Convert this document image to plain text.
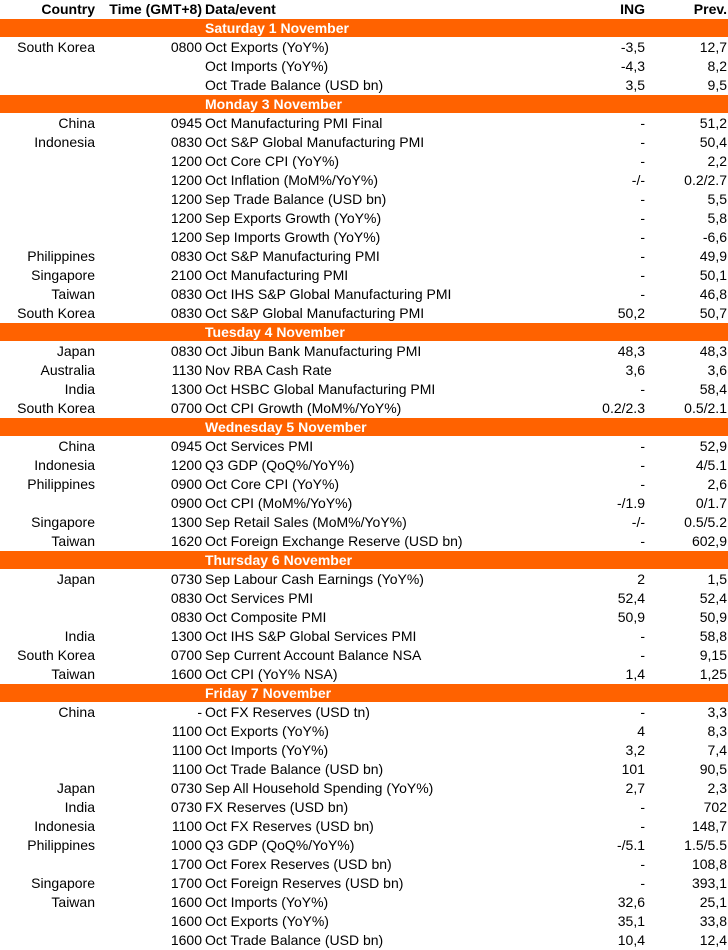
Country Time (GMT+8) Data/event	ING	Prev.
Saturday 1 November
South Korea	0800 Oct Exports (YoY%)	-3,5	12,7
Oct Imports (YoY%)	-4,3	8,2
Oct Trade Balance (USD bn)	3,5	9,5
Monday 3 November
China	0945 Oct Manufacturing PMI Final	-	51,2
Indonesia	0830 Oct S&P Global Manufacturing PMI	-	50,4
1200 Oct Core CPI (YoY%)	-	2,2
1200 Oct Inflation (MoM%/YoY%)	-/-	0.2/2.7
1200 Sep Trade Balance (USD bn)	-	5,5
1200 Sep Exports Growth (YoY%)	-	5,8
1200 Sep Imports Growth (YoY%)	-	-6,6
Philippines	0830 Oct S&P Manufacturing PMI	-	49,9
Singapore	2100 Oct Manufacturing PMI	-	50,1
Taiwan	0830 Oct IHS S&P Global Manufacturing PMI	-	46,8
South Korea	0830 Oct S&P Global Manufacturing PMI	50,2	50,7
Tuesday 4 November
Japan	0830 Oct Jibun Bank Manufacturing PMI	48,3	48,3
Australia	1130 Nov RBA Cash Rate	3,6	3,6
India	1300 Oct HSBC Global Manufacturing PMI	-	58,4
South Korea	0700 Oct CPI Growth (MoM%/YoY%)	0.2/2.3	0.5/2.1
Wednesday 5 November
China	0945 Oct Services PMI	-	52,9
Indonesia	1200 Q3 GDP (QoQ%/YoY%)	-	4/5.1
Philippines	0900 Oct Core CPI (YoY%)	-	2,6
0900 Oct CPI (MoM%/YoY%)	-/1.9	0/1.7
Singapore	1300 Sep Retail Sales (MoM%/YoY%)	-/-	0.5/5.2
Taiwan	1620 Oct Foreign Exchange Reserve (USD bn)	-	602,9
Thursday 6 November
Japan	0730 Sep Labour Cash Earnings (YoY%)	2	1,5
0830 Oct Services PMI	52,4	52,4
0830 Oct Composite PMI	50,9	50,9
India	1300 Oct IHS S&P Global Services PMI	-	58,8
South Korea	0700 Sep Current Account Balance NSA	-	9,15
Taiwan	1600 Oct CPI (YoY% NSA)	1,4	1,25
Friday 7 November
China	- Oct FX Reserves (USD tn)	-	3,3
1100 Oct Exports (YoY%)	4	8,3
1100 Oct Imports (YoY%)	3,2	7,4
1100 Oct Trade Balance (USD bn)	101	90,5
Japan	0730 Sep All Household Spending (YoY%)	2,7	2,3
India	0730 FX Reserves (USD bn)	-	702
Indonesia	1100 Oct FX Reserves (USD bn)	-	148,7
Philippines	1000 Q3 GDP (QoQ%/YoY%)	-/5.1	1.5/5.5
1700 Oct Forex Reserves (USD bn)	-	108,8
Singapore	1700 Oct Foreign Reserves (USD bn)	-	393,1
Taiwan	1600 Oct Imports (YoY%)	32,6	25,1
1600 Oct Exports (YoY%)	35,1	33,8
1600 Oct Trade Balance (USD bn)	10,4	12,4
